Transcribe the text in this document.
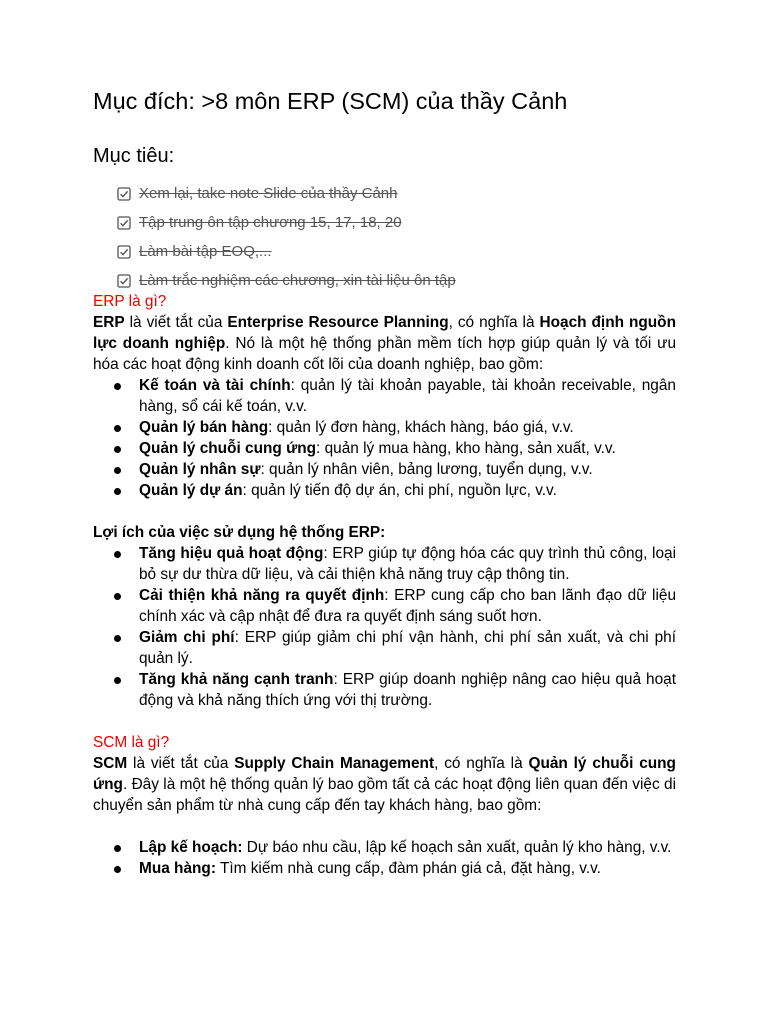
Mục đích: >8 môn ERP (SCM) của thầy Cảnh
Mục tiêu:
Xem lại, take note Slide của thầy Cảnh
Tập trung ôn tập chương 15, 17, 18, 20
Làm bài tập EOQ,...
Làm trắc nghiệm các chương, xin tài liệu ôn tập

ERP là gì?

ERP là viết tắt của Enterprise Resource Planning, có nghĩa là Hoạch định nguồn lực doanh nghiệp. Nó là một hệ thống phần mềm tích hợp giúp quản lý và tối ưu hóa các hoạt động kinh doanh cốt lõi của doanh nghiệp, bao gồm:

Kế toán và tài chính: quản lý tài khoản payable, tài khoản receivable, ngân hàng, sổ cái kế toán, v.v.
Quản lý bán hàng: quản lý đơn hàng, khách hàng, báo giá, v.v.
Quản lý chuỗi cung ứng: quản lý mua hàng, kho hàng, sản xuất, v.v.
Quản lý nhân sự: quản lý nhân viên, bảng lương, tuyển dụng, v.v.
Quản lý dự án: quản lý tiến độ dự án, chi phí, nguồn lực, v.v.

Lợi ích của việc sử dụng hệ thống ERP:

Tăng hiệu quả hoạt động: ERP giúp tự động hóa các quy trình thủ công, loại bỏ sự dư thừa dữ liệu, và cải thiện khả năng truy cập thông tin.
Cải thiện khả năng ra quyết định: ERP cung cấp cho ban lãnh đạo dữ liệu chính xác và cập nhật để đưa ra quyết định sáng suốt hơn.
Giảm chi phí: ERP giúp giảm chi phí vận hành, chi phí sản xuất, và chi phí quản lý.
Tăng khả năng cạnh tranh: ERP giúp doanh nghiệp nâng cao hiệu quả hoạt động và khả năng thích ứng với thị trường.

SCM là gì?

SCM là viết tắt của Supply Chain Management, có nghĩa là Quản lý chuỗi cung ứng. Đây là một hệ thống quản lý bao gồm tất cả các hoạt động liên quan đến việc di chuyển sản phẩm từ nhà cung cấp đến tay khách hàng, bao gồm:

Lập kế hoạch: Dự báo nhu cầu, lập kế hoạch sản xuất, quản lý kho hàng, v.v.
Mua hàng: Tìm kiếm nhà cung cấp, đàm phán giá cả, đặt hàng, v.v.
